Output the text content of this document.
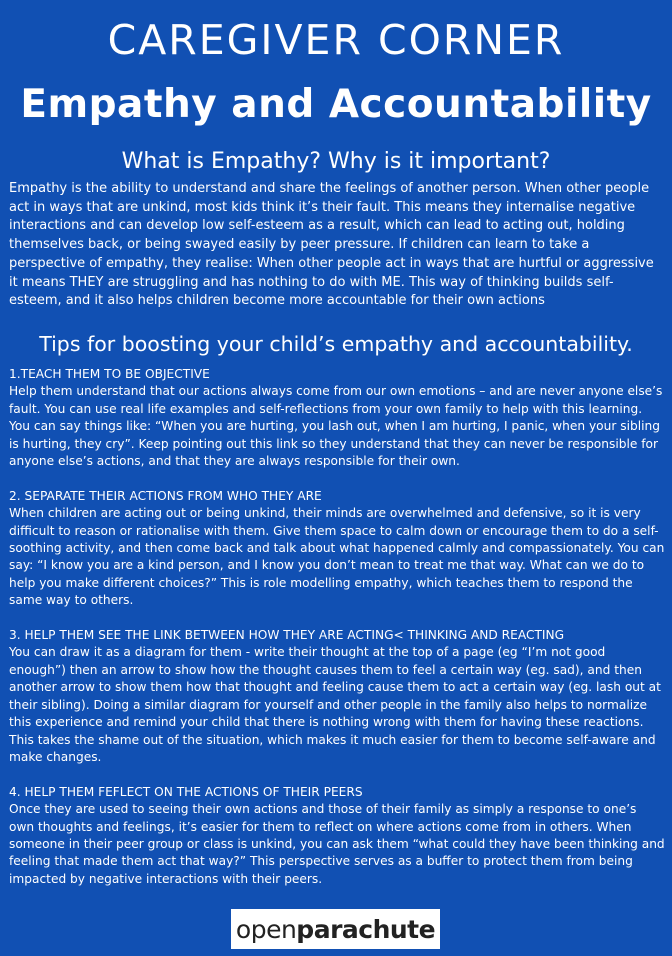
CAREGIVER CORNER
Empathy and Accountability
What is Empathy? Why is it important?
Empathy is the ability to understand and share the feelings of another person. When other people act in ways that are unkind, most kids think it’s their fault. This means they internalise negative interactions and can develop low self-esteem as a result, which can lead to acting out, holding themselves back, or being swayed easily by peer pressure. If children can learn to take a perspective of empathy, they realise: When other people act in ways that are hurtful or aggressive it means THEY are struggling and has nothing to do with ME. This way of thinking builds self-esteem, and it also helps children become more accountable for their own actions
Tips for boosting your child’s empathy and accountability.

1.TEACH THEM TO BE OBJECTIVE

Help them understand that our actions always come from our own emotions – and are never anyone else’s fault. You can use real life examples and self-reflections from your own family to help with this learning. You can say things like: “When you are hurting, you lash out, when I am hurting, I panic, when your sibling is hurting, they cry”. Keep pointing out this link so they understand that they can never be responsible for anyone else’s actions, and that they are always responsible for their own.

2. SEPARATE THEIR ACTIONS FROM WHO THEY ARE

When children are acting out or being unkind, their minds are overwhelmed and defensive, so it is very difficult to reason or rationalise with them. Give them space to calm down or encourage them to do a self-soothing activity, and then come back and talk about what happened calmly and compassionately. You can say: “I know you are a kind person, and I know you don’t mean to treat me that way. What can we do to help you make different choices?” This is role modelling empathy, which teaches them to respond the same way to others.

3. HELP THEM SEE THE LINK BETWEEN HOW THEY ARE ACTING< THINKING AND REACTING

You can draw it as a diagram for them - write their thought at the top of a page (eg “I’m not good enough”) then an arrow to show how the thought causes them to feel a certain way (eg. sad), and then another arrow to show them how that thought and feeling cause them to act a certain way (eg. lash out at their sibling). Doing a similar diagram for yourself and other people in the family also helps to normalize this experience and remind your child that there is nothing wrong with them for having these reactions. This takes the shame out of the situation, which makes it much easier for them to become self-aware and make changes.

4. HELP THEM FEFLECT ON THE ACTIONS OF THEIR PEERS

Once they are used to seeing their own actions and those of their family as simply a response to one’s own thoughts and feelings, it’s easier for them to reflect on where actions come from in others. When someone in their peer group or class is unkind, you can ask them “what could they have been thinking and feeling that made them act that way?” This perspective serves as a buffer to protect them from being impacted by negative interactions with their peers.

open parachute
